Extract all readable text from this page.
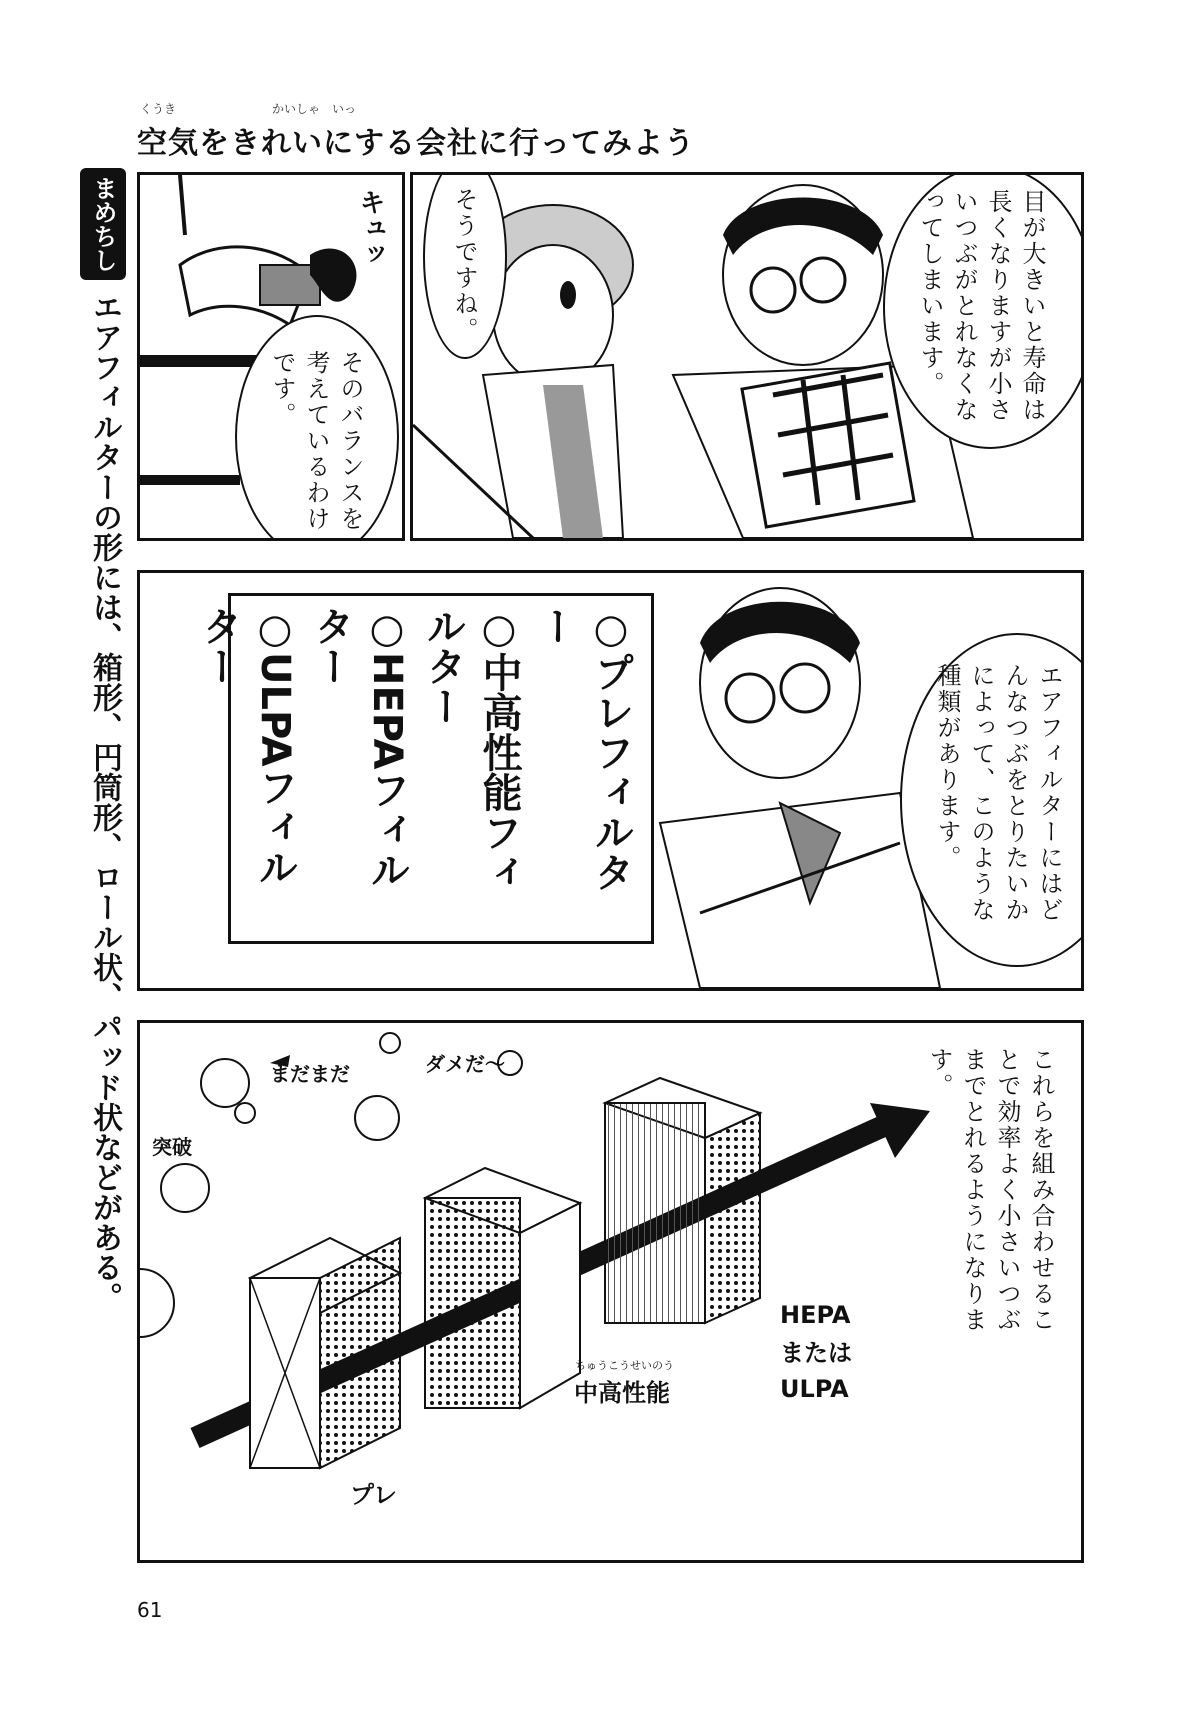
くうき　　　　　　　　かいしゃ　いっ
空気をきれいにする会社に行ってみよう
まめちしき
エアフィルターの形には、箱形、円筒形、ロール状、パッド状などがある。
キュッ
そのバランスを考えているわけです。
そうですね。	目が大きいと寿命は長くなりますが小さいつぶがとれなくなってしまいます。
○プレフィルター
○中高性能フィルター
○HEPAフィルター
○ULPAフィルター
エアフィルターにはどんなつぶをとりたいかによって、このような種類があります。
まだまだ	ダメだ〜
突破
プレ
ちゅうこうせいのう
中高性能
HEPA
または
ULPA
これらを組み合わせることで効率よく小さいつぶまでとれるようになります。
61
